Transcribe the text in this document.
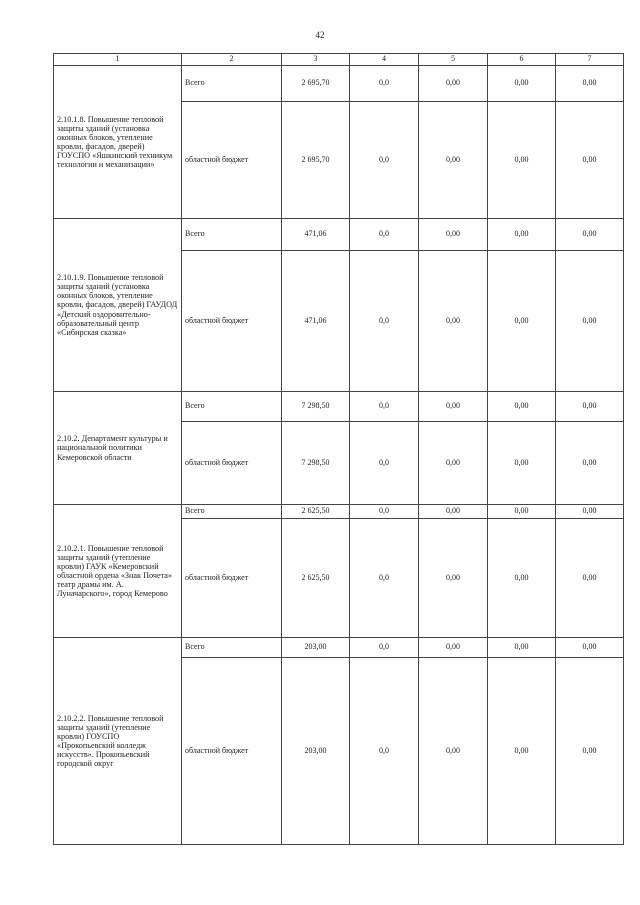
42
1	2	3	4	5	6	7
2.10.1.8. Повышение тепловой защиты зданий (установка оконных блоков, утепление кровли, фасадов, дверей) ГОУСПО «Яшкинский техникум технологии и механизации»	Всего	2 695,70	0,0	0,00	0,00	0,00
	областной бюджет	2 695,70	0,0	0,00	0,00	0,00
2.10.1.9. Повышение тепловой защиты зданий (установка оконных блоков, утепление кровли, фасадов, дверей) ГАУДОД «Детский оздоровительно-образовательный центр «Сибирская сказка»	Всего	471,06	0,0	0,00	0,00	0,00
	областной бюджет	471,06	0,0	0,00	0,00	0,00
2.10.2. Департамент культуры и национальной политики Кемеровской области	Всего	7 298,50	0,0	0,00	0,00	0,00
	областной бюджет	7 298,50	0,0	0,00	0,00	0,00
2.10.2.1. Повышение тепловой защиты зданий (утепление кровли) ГАУК «Кемеровский областной ордена «Знак Почета» театр драмы им. А. Луначарского», город Кемерово	Всего	2 625,50	0,0	0,00	0,00	0,00
	областной бюджет	2 625,50	0,0	0,00	0,00	0,00
2.10.2.2. Повышение тепловой защиты зданий (утепление кровли) ГОУСПО «Прокопьевский колледж искусств». Прокопьевский городской округ	Всего	203,00	0,0	0,00	0,00	0,00
	областной бюджет	203,00	0,0	0,00	0,00	0,00
